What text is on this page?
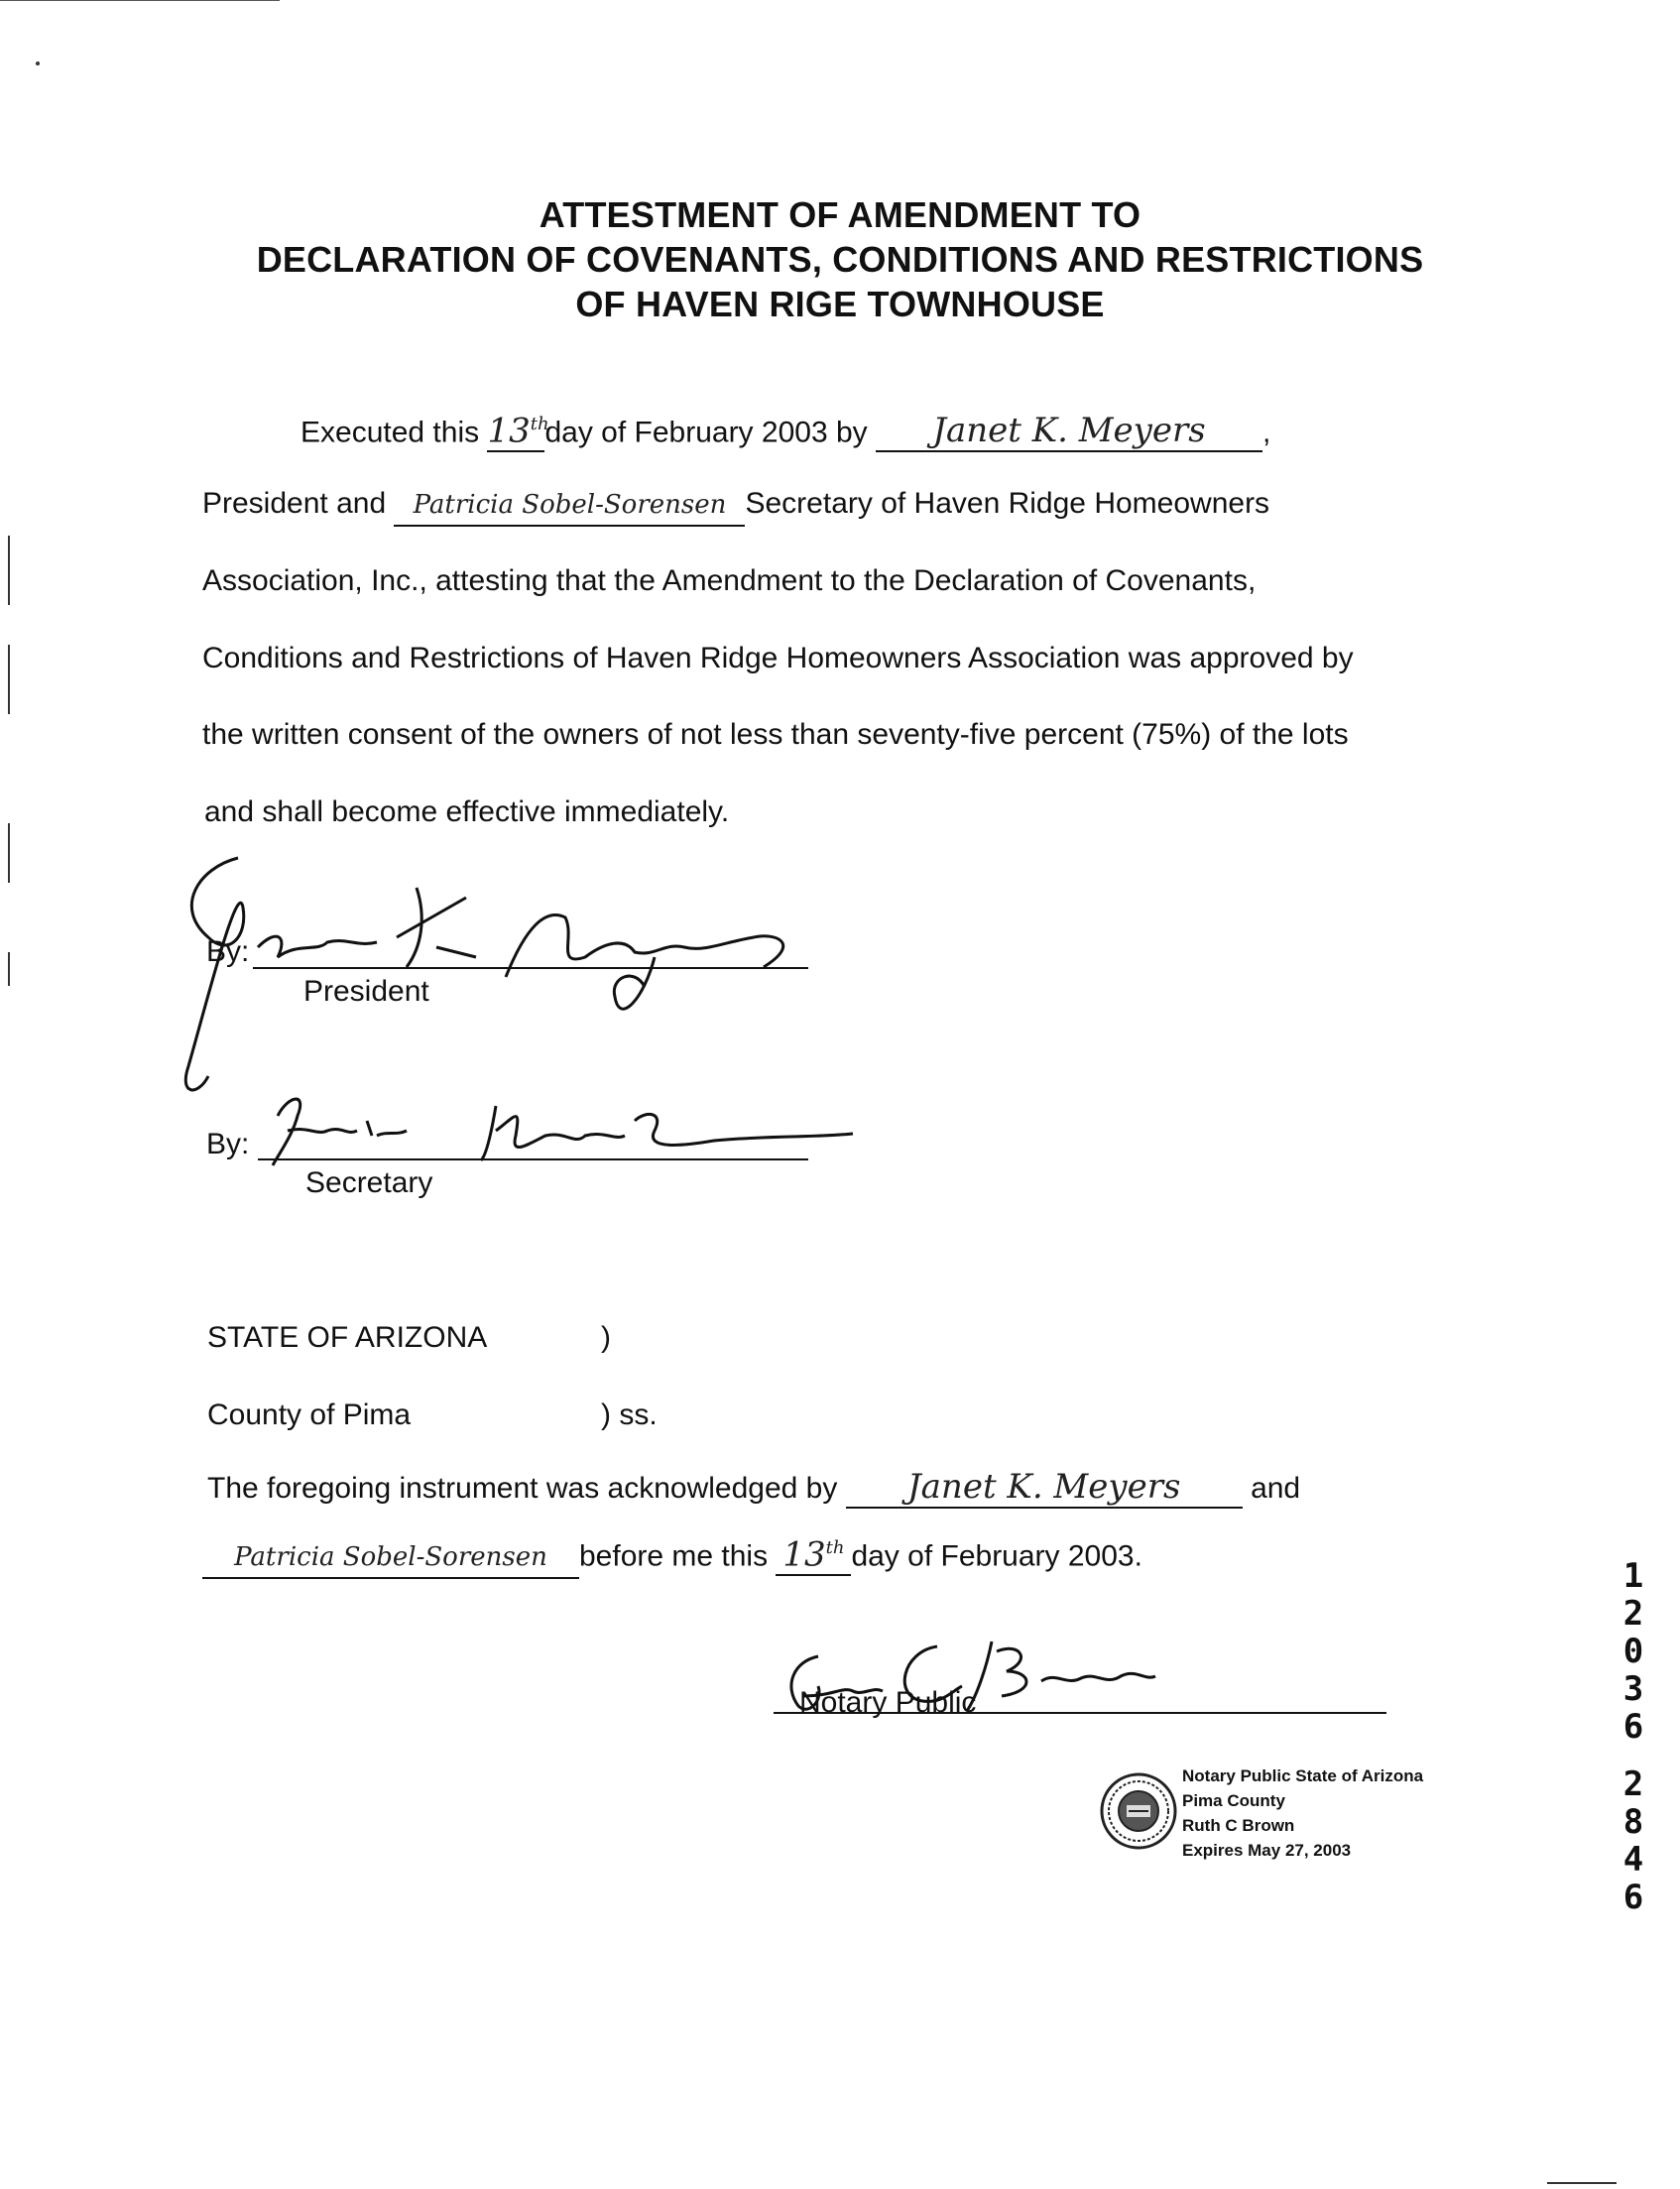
ATTESTMENT OF AMENDMENT TO
DECLARATION OF COVENANTS, CONDITIONS AND RESTRICTIONS
OF HAVEN RIGE TOWNHOUSE
Executed this 13thday of February 2003 by Janet K. Meyers ,
President and Patricia Sobel-Sorensen Secretary of Haven Ridge Homeowners
Association, Inc., attesting that the Amendment to the Declaration of Covenants,
Conditions and Restrictions of Haven Ridge Homeowners Association was approved by
the written consent of the owners of not less than seventy-five percent (75%) of the lots
and shall become effective immediately.
By:
President
By:
Secretary
STATE OF ARIZONA	)
County of Pima	) ss.
The foregoing instrument was acknowledged by Janet K. Meyers and
Patricia Sobel-Sorensen before me this 13th day of February 2003.
Notary Public
Notary Public State of Arizona
Pima County
Ruth C Brown
Expires May 27, 2003
1
2
0
3
6
2
8
4
6
